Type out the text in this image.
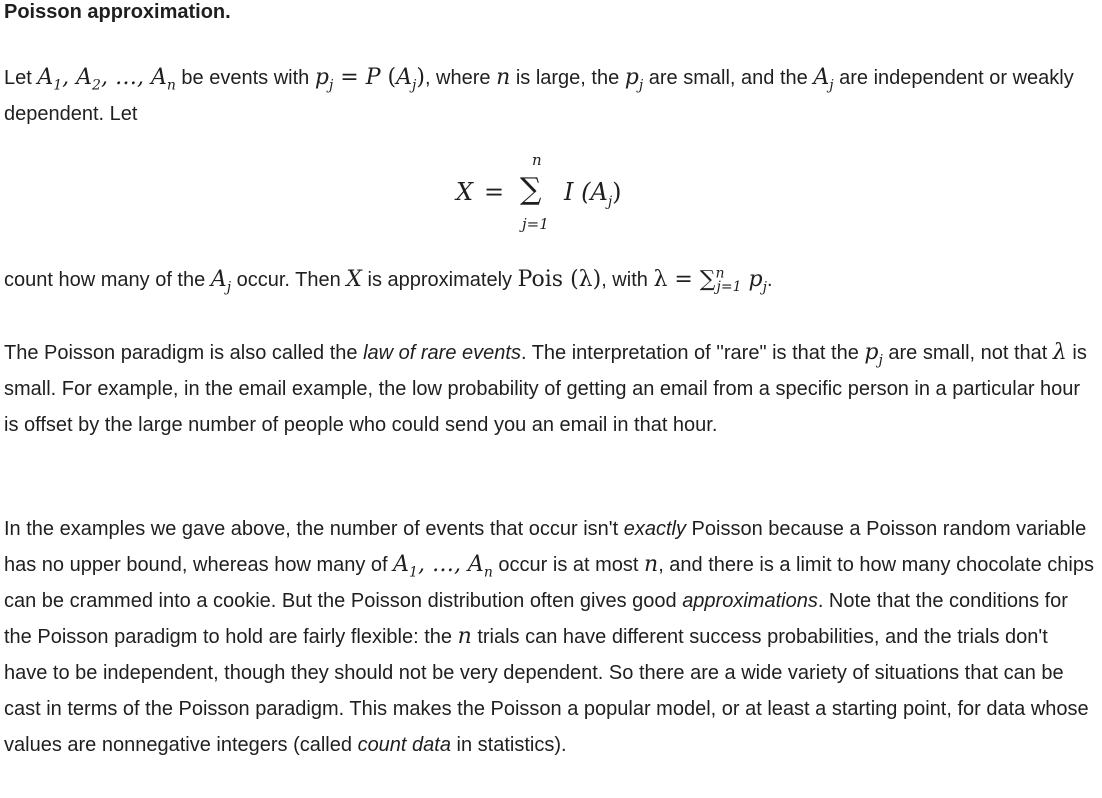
Poisson approximation.

Let $A_1$, $A_2$, …, $A_n$ be events with $p_j = P$ $(A_j)$, where n is large, the $p_j$ are small, and the $A_j$ are independent or weakly dependent. Let

X =
n
∑
j=1
I $(A_j)$

count how many of the $A_j$ occur. Then X is approximately Pois (λ), with λ = ∑$^n_{j=1}$ $p_j$.

The Poisson paradigm is also called the law of rare events. The interpretation of ''rare" is that the $p_j$ are small, not that λ is small. For example, in the email example, the low probability of getting an email from a specific person in a particular hour is offset by the large number of people who could send you an email in that hour.

In the examples we gave above, the number of events that occur isn't exactly Poisson because a Poisson random variable has no upper bound, whereas how many of $A_1$, …, $A_n$ occur is at most n, and there is a limit to how many chocolate chips can be crammed into a cookie. But the Poisson distribution often gives good approximations. Note that the conditions for the Poisson paradigm to hold are fairly flexible: the n trials can have different success probabilities, and the trials don't have to be independent, though they should not be very dependent. So there are a wide variety of situations that can be cast in terms of the Poisson paradigm. This makes the Poisson a popular model, or at least a starting point, for data whose values are nonnegative integers (called count data in statistics).
